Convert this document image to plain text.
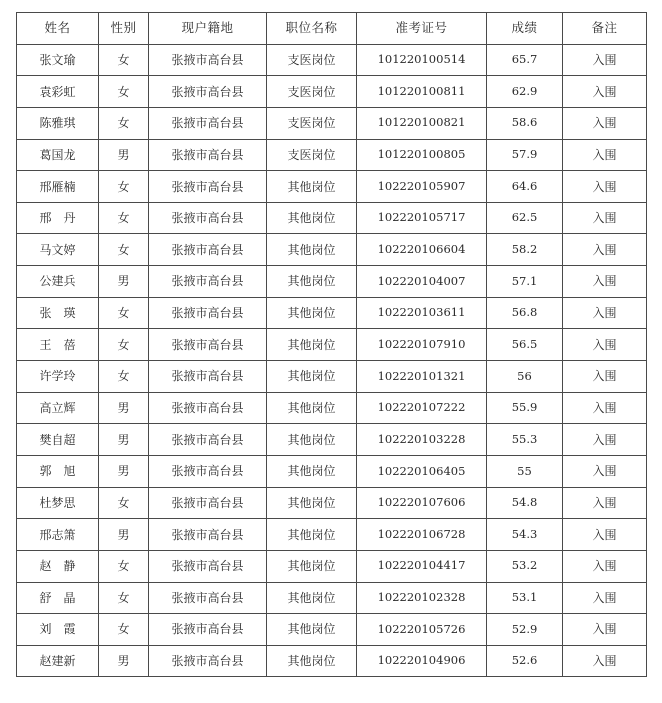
姓名	性别	现户籍地	职位名称	准考证号	成绩	备注
张文瑜	女	张掖市高台县	支医岗位	101220100514	65.7	入围
袁彩虹	女	张掖市高台县	支医岗位	101220100811	62.9	入围
陈雅琪	女	张掖市高台县	支医岗位	101220100821	58.6	入围
葛国龙	男	张掖市高台县	支医岗位	101220100805	57.9	入围
邢雁楠	女	张掖市高台县	其他岗位	102220105907	64.6	入围
邢　丹	女	张掖市高台县	其他岗位	102220105717	62.5	入围
马文婷	女	张掖市高台县	其他岗位	102220106604	58.2	入围
公建兵	男	张掖市高台县	其他岗位	102220104007	57.1	入围
张　瑛	女	张掖市高台县	其他岗位	102220103611	56.8	入围
王　蓓	女	张掖市高台县	其他岗位	102220107910	56.5	入围
许学玲	女	张掖市高台县	其他岗位	102220101321	56	入围
高立辉	男	张掖市高台县	其他岗位	102220107222	55.9	入围
樊自超	男	张掖市高台县	其他岗位	102220103228	55.3	入围
郭　旭	男	张掖市高台县	其他岗位	102220106405	55	入围
杜梦思	女	张掖市高台县	其他岗位	102220107606	54.8	入围
邢志箫	男	张掖市高台县	其他岗位	102220106728	54.3	入围
赵　静	女	张掖市高台县	其他岗位	102220104417	53.2	入围
舒　晶	女	张掖市高台县	其他岗位	102220102328	53.1	入围
刘　霞	女	张掖市高台县	其他岗位	102220105726	52.9	入围
赵建新	男	张掖市高台县	其他岗位	102220104906	52.6	入围
